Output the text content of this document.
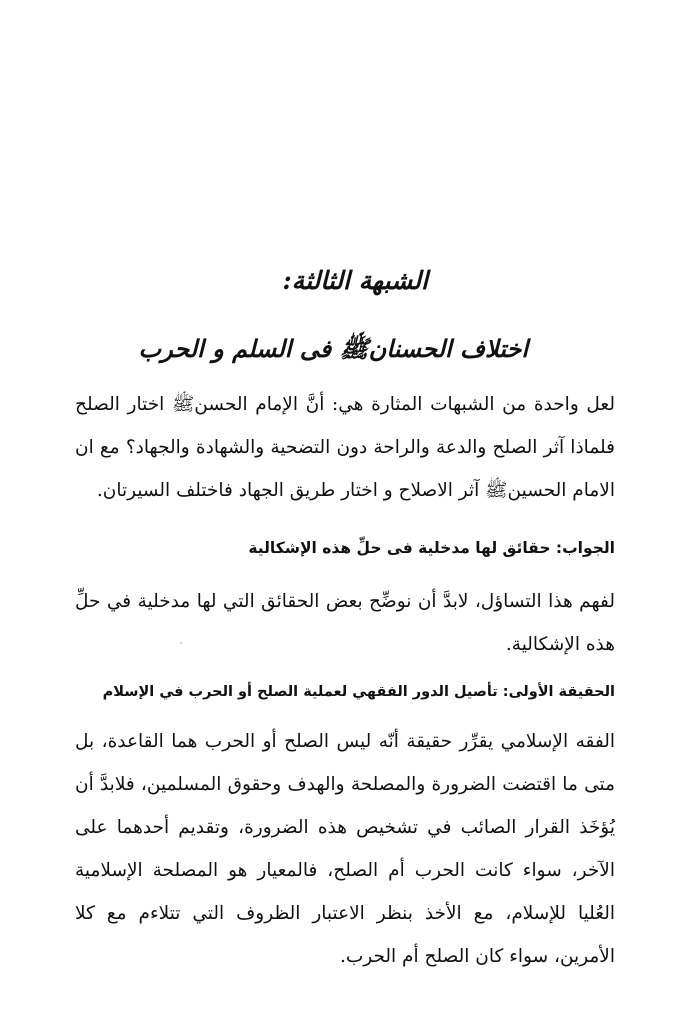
الشبهة الثالثة:
اختلاف الحسنانﷺ فى السلم و الحرب
لعل واحدة من الشبهات المثارة هي: أنَّ الإمام الحسنﷺ اختار الصلح فلماذا آثر الصلح والدعة والراحة دون التضحية والشهادة والجهاد؟ مع ان الامام الحسينﷺ آثر الاصلاح و اختار طريق الجهاد فاختلف السيرتان.
الجواب: حقائق لها مدخلية فى حلِّ هذه الإشكالية
لفهم هذا التساؤل، لابدَّ أن نوضِّح بعض الحقائق التي لها مدخلية في حلِّ هذه الإشكالية.
الحقيقة الأولى: تأصيل الدور الفقهي لعملية الصلح أو الحرب في الإسلام
الفقه الإسلامي يقرِّر حقيقة أنّه ليس الصلح أو الحرب هما القاعدة، بل متى ما اقتضت الضرورة والمصلحة والهدف وحقوق المسلمين، فلابدَّ أن يُؤخَذ القرار الصائب في تشخيص هذه الضرورة، وتقديم أحدهما على الآخر، سواء كانت الحرب أم الصلح، فالمعيار هو المصلحة الإسلامية العُليا للإسلام، مع الأخذ بنظر الاعتبار الظروف التي تتلاءم مع كلا الأمرين، سواء كان الصلح أم الحرب.
